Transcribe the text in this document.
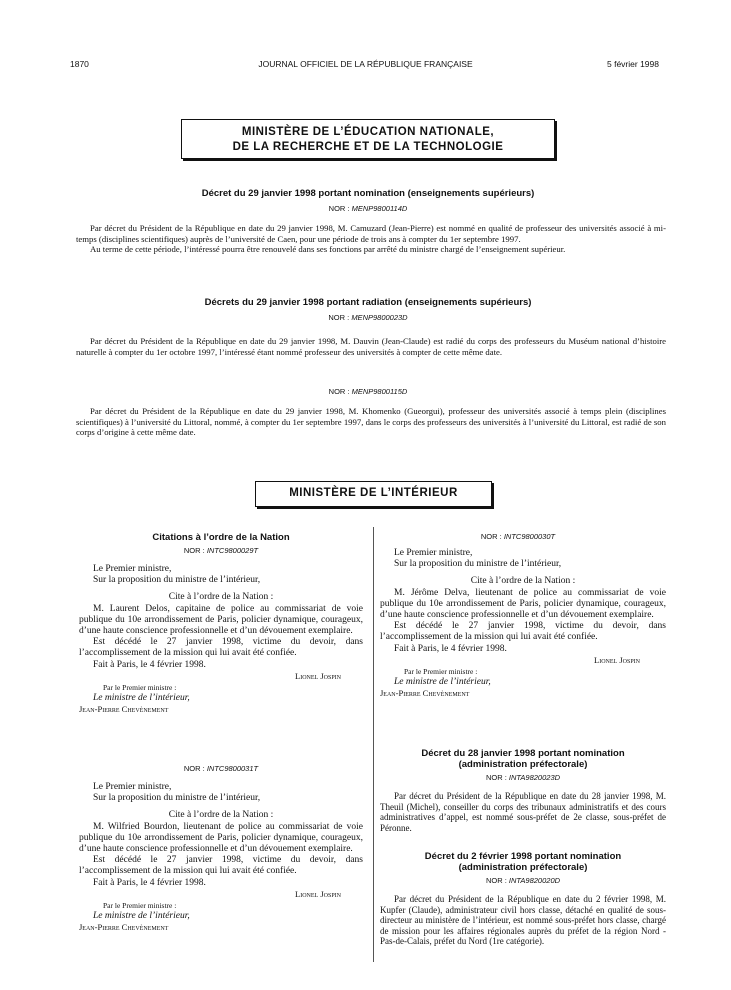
1870	JOURNAL OFFICIEL DE LA RÉPUBLIQUE FRANÇAISE	5 février 1998
MINISTÈRE DE L’ÉDUCATION NATIONALE,
DE LA RECHERCHE ET DE LA TECHNOLOGIE
Décret du 29 janvier 1998 portant nomination (enseignements supérieurs)
NOR : MENP9800114D

Par décret du Président de la République en date du 29 janvier 1998, M. Camuzard (Jean-Pierre) est nommé en qualité de professeur des universités associé à mi-temps (disciplines scientifiques) auprès de l’université de Caen, pour une période de trois ans à compter du 1er septembre 1997.

Au terme de cette période, l’intéressé pourra être renouvelé dans ses fonctions par arrêté du ministre chargé de l’enseignement supérieur.

Décrets du 29 janvier 1998 portant radiation (enseignements supérieurs)
NOR : MENP9800023D

Par décret du Président de la République en date du 29 janvier 1998, M. Dauvin (Jean-Claude) est radié du corps des professeurs du Muséum national d’histoire naturelle à compter du 1er octobre 1997, l’intéressé étant nommé professeur des universités à compter de cette même date.

NOR : MENP9800115D

Par décret du Président de la République en date du 29 janvier 1998, M. Khomenko (Gueorgui), professeur des universités associé à temps plein (disciplines scientifiques) à l’université du Littoral, nommé, à compter du 1er septembre 1997, dans le corps des professeurs des universités à l’université du Littoral, est radié de son corps d’origine à cette même date.

MINISTÈRE DE L’INTÉRIEUR
Citations à l’ordre de la Nation
NOR : INTC9800029T

Le Premier ministre,

Sur la proposition du ministre de l’intérieur,

Cite à l’ordre de la Nation :

M. Laurent Delos, capitaine de police au commissariat de voie publique du 10e arrondissement de Paris, policier dynamique, courageux, d’une haute conscience professionnelle et d’un dévouement exemplaire.

Est décédé le 27 janvier 1998, victime du devoir, dans l’accomplissement de la mission qui lui avait été confiée.

Fait à Paris, le 4 février 1998.

Lionel Jospin

Par le Premier ministre :

Le ministre de l’intérieur,

Jean-Pierre Chevènement

NOR : INTC9800031T

Le Premier ministre,

Sur la proposition du ministre de l’intérieur,

Cite à l’ordre de la Nation :

M. Wilfried Bourdon, lieutenant de police au commissariat de voie publique du 10e arrondissement de Paris, policier dynamique, courageux, d’une haute conscience professionnelle et d’un dévouement exemplaire.

Est décédé le 27 janvier 1998, victime du devoir, dans l’accomplissement de la mission qui lui avait été confiée.

Fait à Paris, le 4 février 1998.

Lionel Jospin

Par le Premier ministre :

Le ministre de l’intérieur,

Jean-Pierre Chevènement

NOR : INTC9800030T

Le Premier ministre,

Sur la proposition du ministre de l’intérieur,

Cite à l’ordre de la Nation :

M. Jérôme Delva, lieutenant de police au commissariat de voie publique du 10e arrondissement de Paris, policier dynamique, courageux, d’une haute conscience professionnelle et d’un dévouement exemplaire.

Est décédé le 27 janvier 1998, victime du devoir, dans l’accomplissement de la mission qui lui avait été confiée.

Fait à Paris, le 4 février 1998.

Lionel Jospin

Par le Premier ministre :

Le ministre de l’intérieur,

Jean-Pierre Chevènement

Décret du 28 janvier 1998 portant nomination
(administration préfectorale)
NOR : INTA9820023D

Par décret du Président de la République en date du 28 janvier 1998, M. Theuil (Michel), conseiller du corps des tribunaux administratifs et des cours administratives d’appel, est nommé sous-préfet de 2e classe, sous-préfet de Péronne.

Décret du 2 février 1998 portant nomination
(administration préfectorale)
NOR : INTA9820020D

Par décret du Président de la République en date du 2 février 1998, M. Kupfer (Claude), administrateur civil hors classe, détaché en qualité de sous-directeur au ministère de l’intérieur, est nommé sous-préfet hors classe, chargé de mission pour les affaires régionales auprès du préfet de la région Nord - Pas-de-Calais, préfet du Nord (1re catégorie).
